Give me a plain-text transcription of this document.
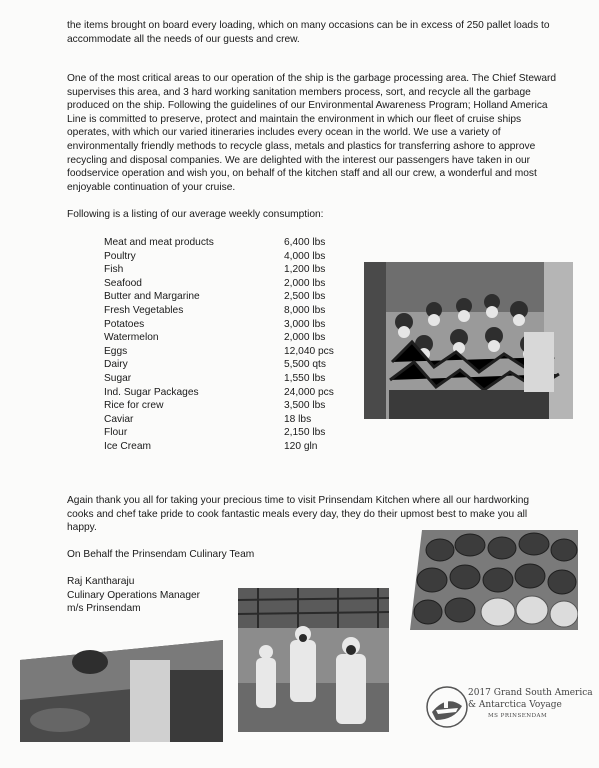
the items brought on board every loading, which on many occasions can be in excess of 250 pallet loads to accommodate all the needs of our guests and crew.

One of the most critical areas to our operation of the ship is the garbage processing area. The Chief Steward supervises this area, and 3 hard working sanitation members process, sort, and recycle all the garbage produced on the ship. Following the guidelines of our Environmental Awareness Program; Holland America Line is committed to preserve, protect and maintain the environment in which our fleet of cruise ships operates, with which our varied itineraries includes every ocean in the world. We use a variety of environmentally friendly methods to recycle glass, metals and plastics for transferring ashore to approve recycling and disposal companies. We are delighted with the interest our passengers have taken in our foodservice operation and wish you, on behalf of the kitchen staff and all our crew, a wonderful and most enjoyable continuation of your cruise.

Following is a listing of our average weekly consumption:

Meat and meat products	6,400 lbs
Poultry	4,000 lbs
Fish	1,200 lbs
Seafood	2,000 lbs
Butter and Margarine	2,500 lbs
Fresh Vegetables	8,000 lbs
Potatoes	3,000 lbs
Watermelon	2,000 lbs
Eggs	12,040 pcs
Dairy	5,500 qts
Sugar	1,550 lbs
Ind. Sugar Packages	24,000 pcs
Rice for crew	3,500 lbs
Caviar	18 lbs
Flour	2,150 lbs
Ice Cream	120 gln

Again thank you all for taking your precious time to visit Prinsendam Kitchen where all our hardworking cooks and chef take pride to cook fantastic meals every day, they do their upmost best to make you all happy.

On Behalf the Prinsendam Culinary Team

Raj Kantharaju
Culinary Operations Manager
m/s Prinsendam
2017 Grand South America
& Antarctica Voyage
MS PRINSENDAM
